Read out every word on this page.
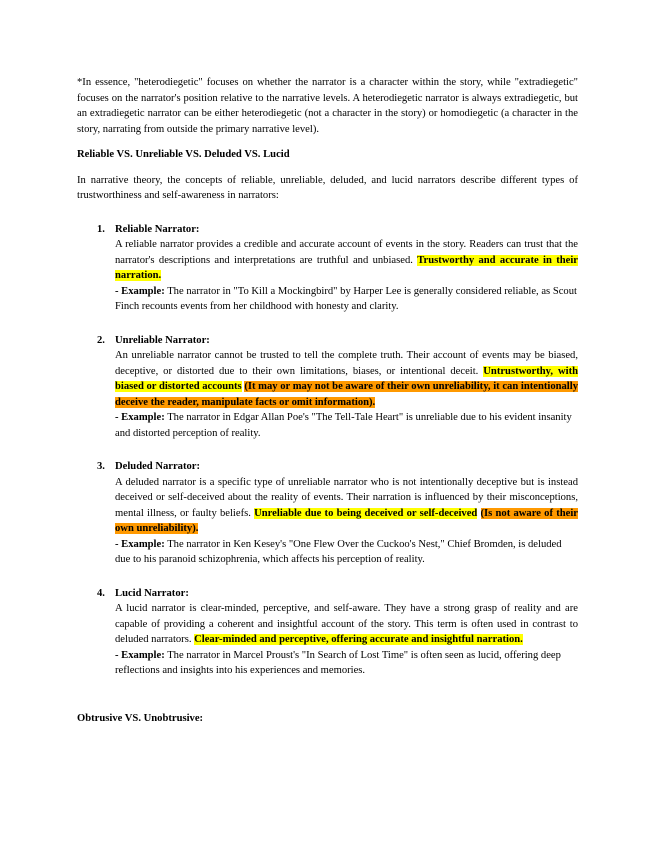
*In essence, "heterodiegetic" focuses on whether the narrator is a character within the story, while "extradiegetic" focuses on the narrator's position relative to the narrative levels. A heterodiegetic narrator is always extradiegetic, but an extradiegetic narrator can be either heterodiegetic (not a character in the story) or homodiegetic (a character in the story, narrating from outside the primary narrative level).

Reliable VS. Unreliable VS. Deluded VS. Lucid

In narrative theory, the concepts of reliable, unreliable, deluded, and lucid narrators describe different types of trustworthiness and self-awareness in narrators:

1. Reliable Narrator:

A reliable narrator provides a credible and accurate account of events in the story. Readers can trust that the narrator's descriptions and interpretations are truthful and unbiased. Trustworthy and accurate in their narration.

- Example: The narrator in "To Kill a Mockingbird" by Harper Lee is generally considered reliable, as Scout Finch recounts events from her childhood with honesty and clarity.
2. Unreliable Narrator:

An unreliable narrator cannot be trusted to tell the complete truth. Their account of events may be biased, deceptive, or distorted due to their own limitations, biases, or intentional deceit. Untrustworthy, with biased or distorted accounts (It may or may not be aware of their own unreliability, it can intentionally deceive the reader, manipulate facts or omit information).

- Example: The narrator in Edgar Allan Poe's "The Tell-Tale Heart" is unreliable due to his evident insanity and distorted perception of reality.
3. Deluded Narrator:

A deluded narrator is a specific type of unreliable narrator who is not intentionally deceptive but is instead deceived or self-deceived about the reality of events. Their narration is influenced by their misconceptions, mental illness, or faulty beliefs. Unreliable due to being deceived or self-deceived (Is not aware of their own unreliability).

- Example: The narrator in Ken Kesey's "One Flew Over the Cuckoo's Nest," Chief Bromden, is deluded due to his paranoid schizophrenia, which affects his perception of reality.
4. Lucid Narrator:

A lucid narrator is clear-minded, perceptive, and self-aware. They have a strong grasp of reality and are capable of providing a coherent and insightful account of the story. This term is often used in contrast to deluded narrators. Clear-minded and perceptive, offering accurate and insightful narration.

- Example: The narrator in Marcel Proust's "In Search of Lost Time" is often seen as lucid, offering deep reflections and insights into his experiences and memories.

Obtrusive VS. Unobtrusive:
